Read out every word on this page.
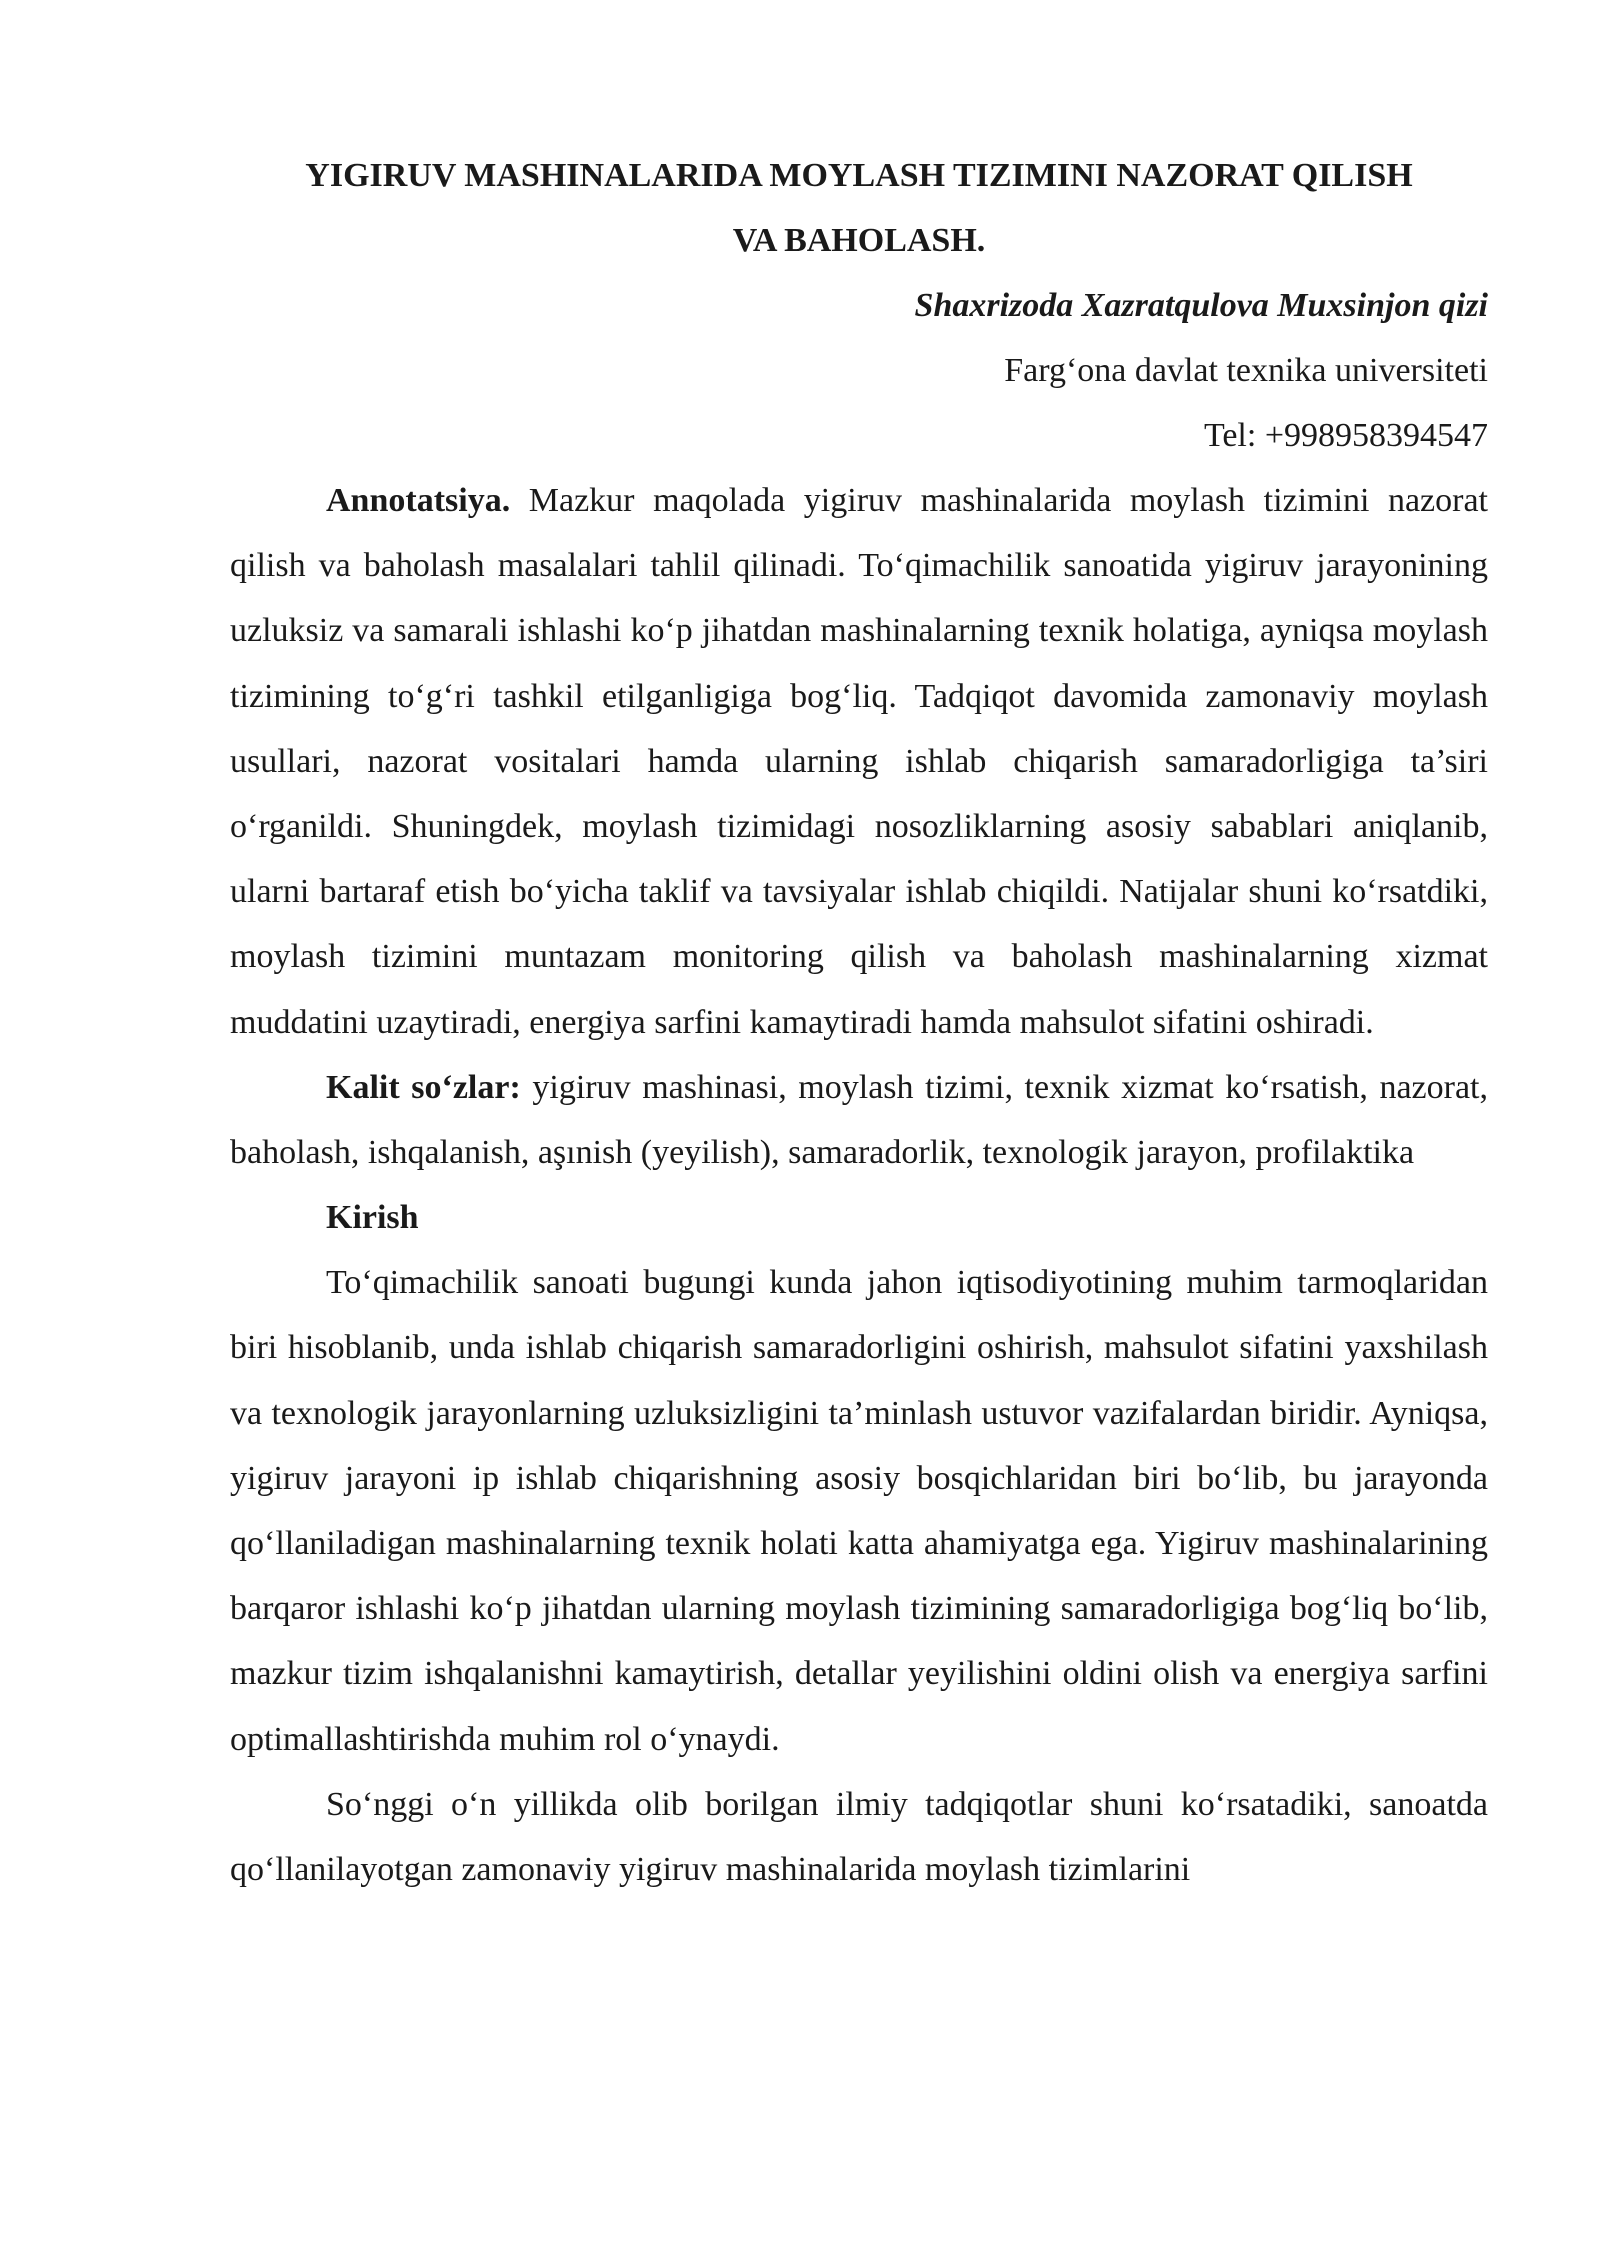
YIGIRUV MASHINALARIDA MOYLASH TIZIMINI NAZORAT QILISH
VA BAHOLASH.

Shaxrizoda Xazratqulova Muxsinjon qizi

Farg‘ona davlat texnika universiteti

Tel: +998958394547

Annotatsiya. Mazkur maqolada yigiruv mashinalarida moylash tizimini nazorat qilish va baholash masalalari tahlil qilinadi. To‘qimachilik sanoatida yigiruv jarayonining uzluksiz va samarali ishlashi ko‘p jihatdan mashinalarning texnik holatiga, ayniqsa moylash tizimining to‘g‘ri tashkil etilganligiga bog‘liq. Tadqiqot davomida zamonaviy moylash usullari, nazorat vositalari hamda ularning ishlab chiqarish samaradorligiga ta’siri o‘rganildi. Shuningdek, moylash tizimidagi nosozliklarning asosiy sabablari aniqlanib, ularni bartaraf etish bo‘yicha taklif va tavsiyalar ishlab chiqildi. Natijalar shuni ko‘rsatdiki, moylash tizimini muntazam monitoring qilish va baholash mashinalarning xizmat muddatini uzaytiradi, energiya sarfini kamaytiradi hamda mahsulot sifatini oshiradi.

Kalit so‘zlar: yigiruv mashinasi, moylash tizimi, texnik xizmat ko‘rsatish, nazorat, baholash, ishqalanish, aşınish (yeyilish), samaradorlik, texnologik jarayon, profilaktika

Kirish

To‘qimachilik sanoati bugungi kunda jahon iqtisodiyotining muhim tarmoqlaridan biri hisoblanib, unda ishlab chiqarish samaradorligini oshirish, mahsulot sifatini yaxshilash va texnologik jarayonlarning uzluksizligini ta’minlash ustuvor vazifalardan biridir. Ayniqsa, yigiruv jarayoni ip ishlab chiqarishning asosiy bosqichlaridan biri bo‘lib, bu jarayonda qo‘llaniladigan mashinalarning texnik holati katta ahamiyatga ega. Yigiruv mashinalarining barqaror ishlashi ko‘p jihatdan ularning moylash tizimining samaradorligiga bog‘liq bo‘lib, mazkur tizim ishqalanishni kamaytirish, detallar yeyilishini oldini olish va energiya sarfini optimallashtirishda muhim rol o‘ynaydi.

So‘nggi o‘n yillikda olib borilgan ilmiy tadqiqotlar shuni ko‘rsatadiki, sanoatda qo‘llanilayotgan zamonaviy yigiruv mashinalarida moylash tizimlarini
